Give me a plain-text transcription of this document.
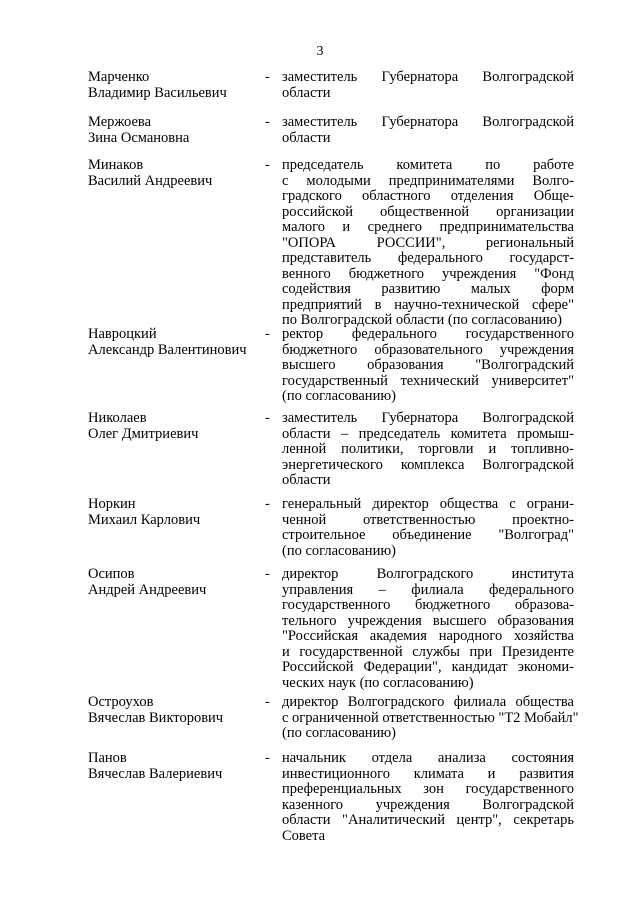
3
Марченко
Владимир Васильевич
- заместитель Губернатора Волгоградской
области
Мержоева
Зина Османовна
- заместитель Губернатора Волгоградской
области
Минаков
Василий Андреевич
- председатель комитета по работе
с молодыми предпринимателями Волго-
градского областного отделения Обще-
российской общественной организации
малого и среднего предпринимательства
"ОПОРА РОССИИ", региональный
представитель федерального государст-
венного бюджетного учреждения "Фонд
содействия развитию малых форм
предприятий в научно-технической сфере"
по Волгоградской области (по согласованию)
Навроцкий
Александр Валентинович
- ректор федерального государственного
бюджетного образовательного учреждения
высшего образования "Волгоградский
государственный технический университет"
(по согласованию)
Николаев
Олег Дмитриевич
- заместитель Губернатора Волгоградской
области – председатель комитета промыш-
ленной политики, торговли и топливно-
энергетического комплекса Волгоградской
области
Норкин
Михаил Карлович
- генеральный директор общества с ограни-
ченной ответственностью проектно-
строительное объединение "Волгоград"
(по согласованию)
Осипов
Андрей Андреевич
- директор Волгоградского института
управления – филиала федерального
государственного бюджетного образова-
тельного учреждения высшего образования
"Российская академия народного хозяйства
и государственной службы при Президенте
Российской Федерации", кандидат экономи-
ческих наук (по согласованию)
Остроухов
Вячеслав Викторович
- директор Волгоградского филиала общества
с ограниченной ответственностью "Т2 Мобайл"
(по согласованию)
Панов
Вячеслав Валериевич
- начальник отдела анализа состояния
инвестиционного климата и развития
преференциальных зон государственного
казенного учреждения Волгоградской
области "Аналитический центр", секретарь
Совета
